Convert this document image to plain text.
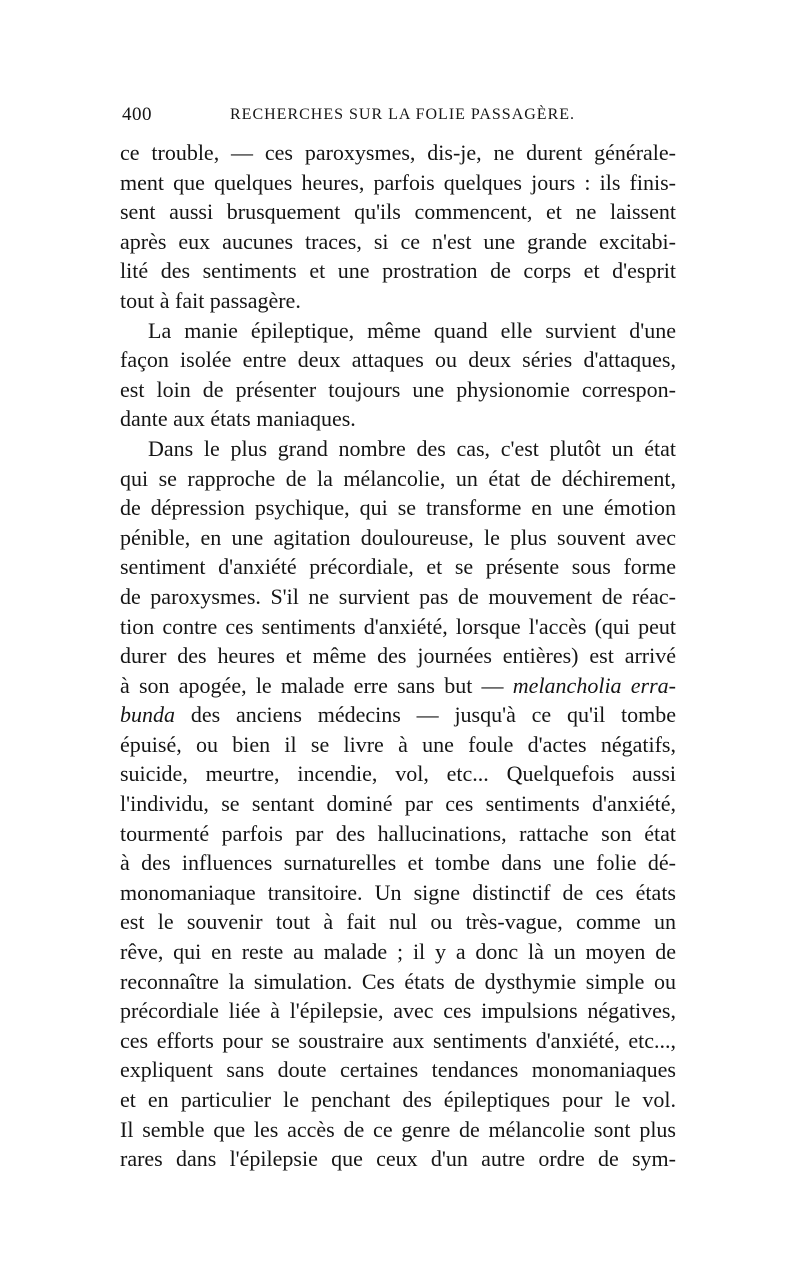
400	RECHERCHES SUR LA FOLIE PASSAGÈRE.
ce trouble, — ces paroxysmes, dis-je, ne durent générale-
ment que quelques heures, parfois quelques jours : ils finis-
sent aussi brusquement qu'ils commencent, et ne laissent
après eux aucunes traces, si ce n'est une grande excitabi-
lité des sentiments et une prostration de corps et d'esprit
tout à fait passagère.
La manie épileptique, même quand elle survient d'une
façon isolée entre deux attaques ou deux séries d'attaques,
est loin de présenter toujours une physionomie correspon-
dante aux états maniaques.
Dans le plus grand nombre des cas, c'est plutôt un état
qui se rapproche de la mélancolie, un état de déchirement,
de dépression psychique, qui se transforme en une émotion
pénible, en une agitation douloureuse, le plus souvent avec
sentiment d'anxiété précordiale, et se présente sous forme
de paroxysmes. S'il ne survient pas de mouvement de réac-
tion contre ces sentiments d'anxiété, lorsque l'accès (qui peut
durer des heures et même des journées entières) est arrivé
à son apogée, le malade erre sans but — melancholia erra-
bunda des anciens médecins — jusqu'à ce qu'il tombe
épuisé, ou bien il se livre à une foule d'actes négatifs,
suicide, meurtre, incendie, vol, etc... Quelquefois aussi
l'individu, se sentant dominé par ces sentiments d'anxiété,
tourmenté parfois par des hallucinations, rattache son état
à des influences surnaturelles et tombe dans une folie dé-
monomaniaque transitoire. Un signe distinctif de ces états
est le souvenir tout à fait nul ou très-vague, comme un
rêve, qui en reste au malade ; il y a donc là un moyen de
reconnaître la simulation. Ces états de dysthymie simple ou
précordiale liée à l'épilepsie, avec ces impulsions négatives,
ces efforts pour se soustraire aux sentiments d'anxiété, etc...,
expliquent sans doute certaines tendances monomaniaques
et en particulier le penchant des épileptiques pour le vol.
Il semble que les accès de ce genre de mélancolie sont plus
rares dans l'épilepsie que ceux d'un autre ordre de sym-
